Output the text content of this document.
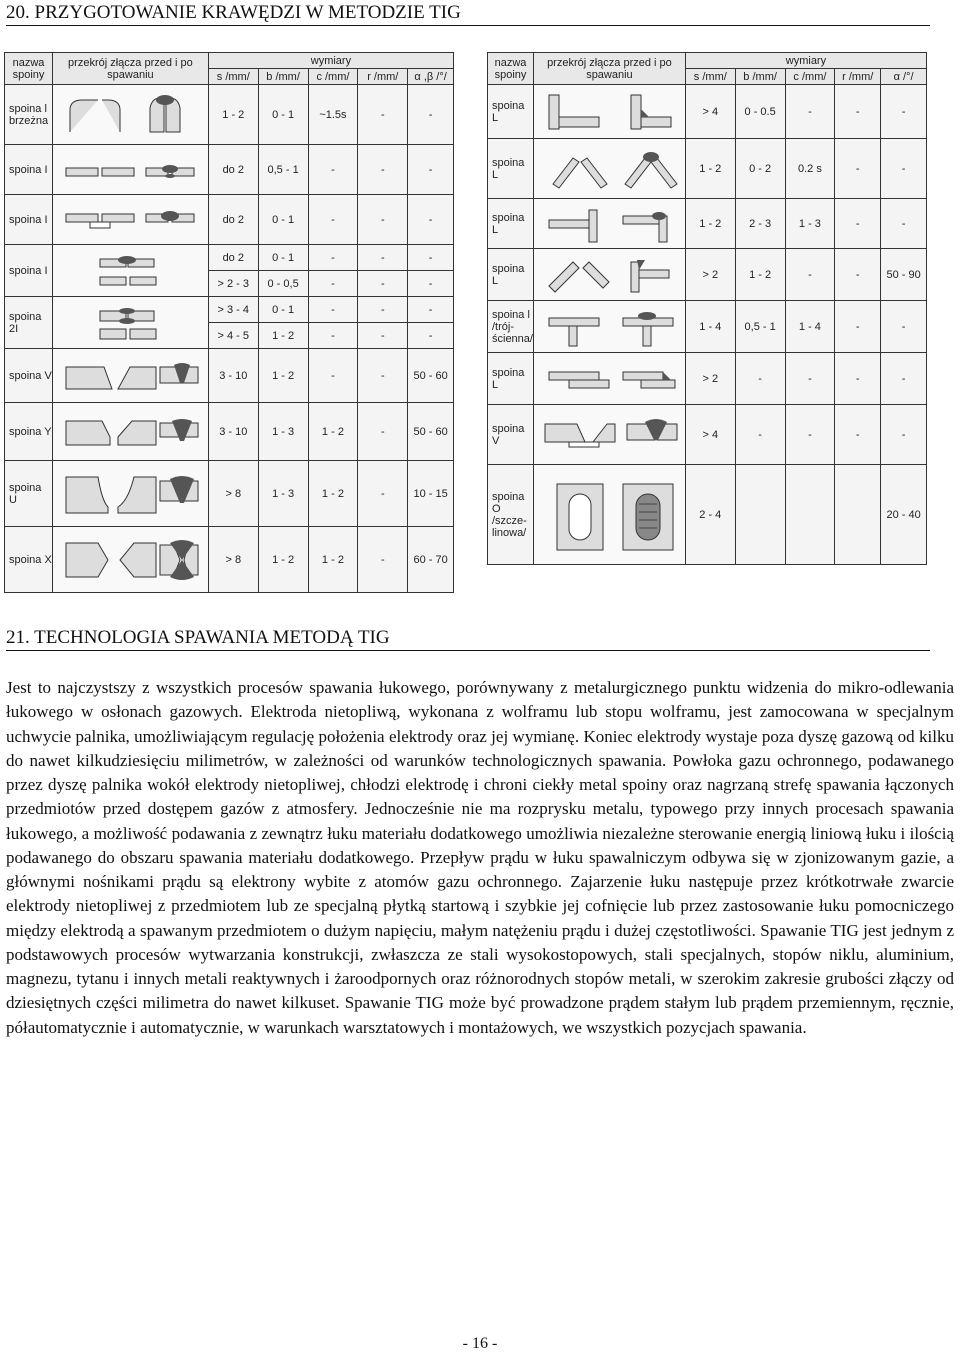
20. PRZYGOTOWANIE KRAWĘDZI W METODZIE TIG
nazwa spoiny	przekrój złącza przed i po spawaniu	wymiary				
		s /mm/	b /mm/	c /mm/	r /mm/	α ,β /°/
spoina l brzeżna		1 - 2	0 - 1	~1.5s	-	-
spoina I		do 2	0,5 - 1	-	-	-
spoina I		do 2	0 - 1	-	-	-
spoina I		do 2	0 - 1	-	-	-
		> 2 - 3	0 - 0,5	-	-	-
spoina 2I		> 3 - 4	0 - 1	-	-	-
		> 4 - 5	1 - 2	-	-	-
spoina V		3 - 10	1 - 2	-	-	50 - 60
spoina Y		3 - 10	1 - 3	1 - 2	-	50 - 60
spoina U		> 8	1 - 3	1 - 2	-	10 - 15
spoina X		> 8	1 - 2	1 - 2	-	60 - 70
nazwa spoiny	przekrój złącza przed i po spawaniu	wymiary				
		s /mm/	b /mm/	c /mm/	r /mm/	α /°/
spoina L		> 4	0 - 0.5	-	-	-
spoina L		1 - 2	0 - 2	0.2 s	-	-
spoina L		1 - 2	2 - 3	1 - 3	-	-
spoina L		> 2	1 - 2	-	-	50 - 90
spoina l /trój- ścienna/		1 - 4	0,5 - 1	1 - 4	-	-
spoina L		> 2	-	-	-	-
spoina V		> 4	-	-	-	-
spoina O /szcze- linowa/		2 - 4				20 - 40
21. TECHNOLOGIA SPAWANIA METODĄ TIG

Jest to najczystszy z wszystkich procesów spawania łukowego, porównywany z metalurgicznego punktu widzenia do mikro-odlewania łukowego w osłonach gazowych. Elektroda nietopliwą, wykonana z wolframu lub stopu wolframu, jest zamocowana w specjalnym uchwycie palnika, umożliwiającym regulację położenia elektrody oraz jej wymianę. Koniec elektrody wystaje poza dyszę gazową od kilku do nawet kilkudziesięciu milimetrów, w zależności od warunków technologicznych spawania. Powłoka gazu ochronnego, podawanego przez dyszę palnika wokół elektrody nietopliwej, chłodzi elektrodę i chroni ciekły metal spoiny oraz nagrzaną strefę spawania łączonych przedmiotów przed dostępem gazów z atmosfery. Jednocześnie nie ma rozprysku metalu, typowego przy innych procesach spawania łukowego, a możliwość podawania z zewnątrz łuku materiału dodatkowego umożliwia niezależne sterowanie energią liniową łuku i ilością podawanego do obszaru spawania materiału dodatkowego. Przepływ prądu w łuku spawalniczym odbywa się w zjonizowanym gazie, a głównymi nośnikami prądu są elektrony wybite z atomów gazu ochronnego. Zajarzenie łuku następuje przez krótkotrwałe zwarcie elektrody nietopliwej z przedmiotem lub ze specjalną płytką startową i szybkie jej cofnięcie lub przez zastosowanie łuku pomocniczego między elektrodą a spawanym przedmiotem o dużym napięciu, małym natężeniu prądu i dużej częstotliwości. Spawanie TIG jest jednym z podstawowych procesów wytwarzania konstrukcji, zwłaszcza ze stali wysokostopowych, stali specjalnych, stopów niklu, aluminium, magnezu, tytanu i innych metali reaktywnych i żaroodpornych oraz różnorodnych stopów metali, w szerokim zakresie grubości złączy od dziesiętnych części milimetra do nawet kilkuset. Spawanie TIG może być prowadzone prądem stałym lub prądem przemiennym, ręcznie, półautomatycznie i automatycznie, w warunkach warsztatowych i montażowych, we wszystkich pozycjach spawania.

- 16 -
